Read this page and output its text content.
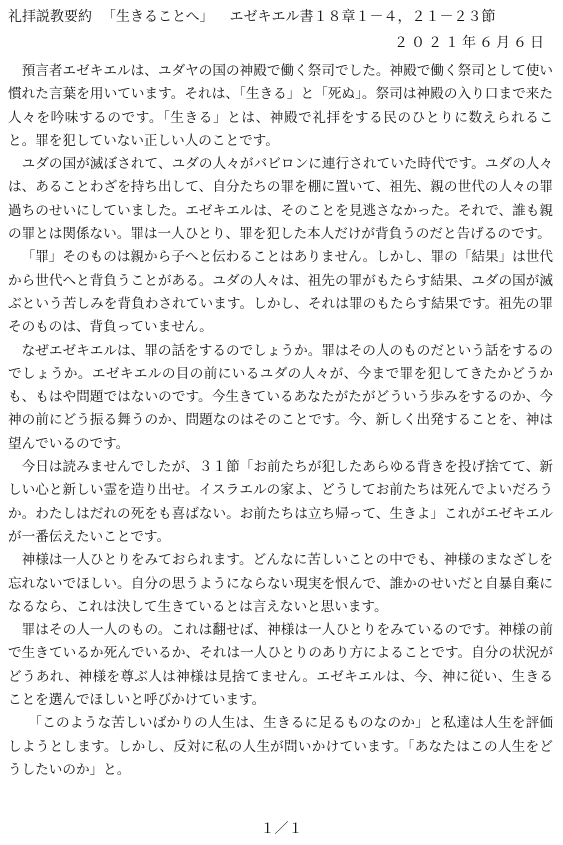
礼拝説教要約 「生きることへ」 エゼキエル書１８章１－４，２１－２３節
２０２１年６月６日

預言者エゼキエルは、ユダヤの国の神殿で働く祭司でした。神殿で働く祭司として使い慣れた言葉を用いています。それは、「生きる」と「死ぬ」。祭司は神殿の入り口まで来た人々を吟味するのです。「生きる」とは、神殿で礼拝をする民のひとりに数えられること。罪を犯していない正しい人のことです。

ユダの国が滅ぼされて、ユダの人々がバビロンに連行されていた時代です。ユダの人々は、あることわざを持ち出して、自分たちの罪を棚に置いて、祖先、親の世代の人々の罪過ちのせいにしていました。エゼキエルは、そのことを見逃さなかった。それで、誰も親の罪とは関係ない。罪は一人ひとり、罪を犯した本人だけが背負うのだと告げるのです。

「罪」そのものは親から子へと伝わることはありません。しかし、罪の「結果」は世代から世代へと背負うことがある。ユダの人々は、祖先の罪がもたらす結果、ユダの国が滅ぶという苦しみを背負わされています。しかし、それは罪のもたらす結果です。祖先の罪そのものは、背負っていません。

なぜエゼキエルは、罪の話をするのでしょうか。罪はその人のものだという話をするのでしょうか。エゼキエルの目の前にいるユダの人々が、今まで罪を犯してきたかどうかも、もはや問題ではないのです。今生きているあなたがたがどういう歩みをするのか、今神の前にどう振る舞うのか、問題なのはそのことです。今、新しく出発することを、神は望んでいるのです。

今日は読みませんでしたが、３１節「お前たちが犯したあらゆる背きを投げ捨てて、新しい心と新しい霊を造り出せ。イスラエルの家よ、どうしてお前たちは死んでよいだろうか。わたしはだれの死をも喜ばない。お前たちは立ち帰って、生きよ」これがエゼキエルが一番伝えたいことです。

神様は一人ひとりをみておられます。どんなに苦しいことの中でも、神様のまなざしを忘れないでほしい。自分の思うようにならない現実を恨んで、誰かのせいだと自暴自棄になるなら、これは決して生きているとは言えないと思います。

罪はその人一人のもの。これは翻せば、神様は一人ひとりをみているのです。神様の前で生きているか死んでいるか、それは一人ひとりのあり方によることです。自分の状況がどうあれ、神様を尊ぶ人は神様は見捨てません。エゼキエルは、今、神に従い、生きることを選んでほしいと呼びかけています。

「このような苦しいばかりの人生は、生きるに足るものなのか」と私達は人生を評価しようとします。しかし、反対に私の人生が問いかけています。「あなたはこの人生をどうしたいのか」と。

１／１
